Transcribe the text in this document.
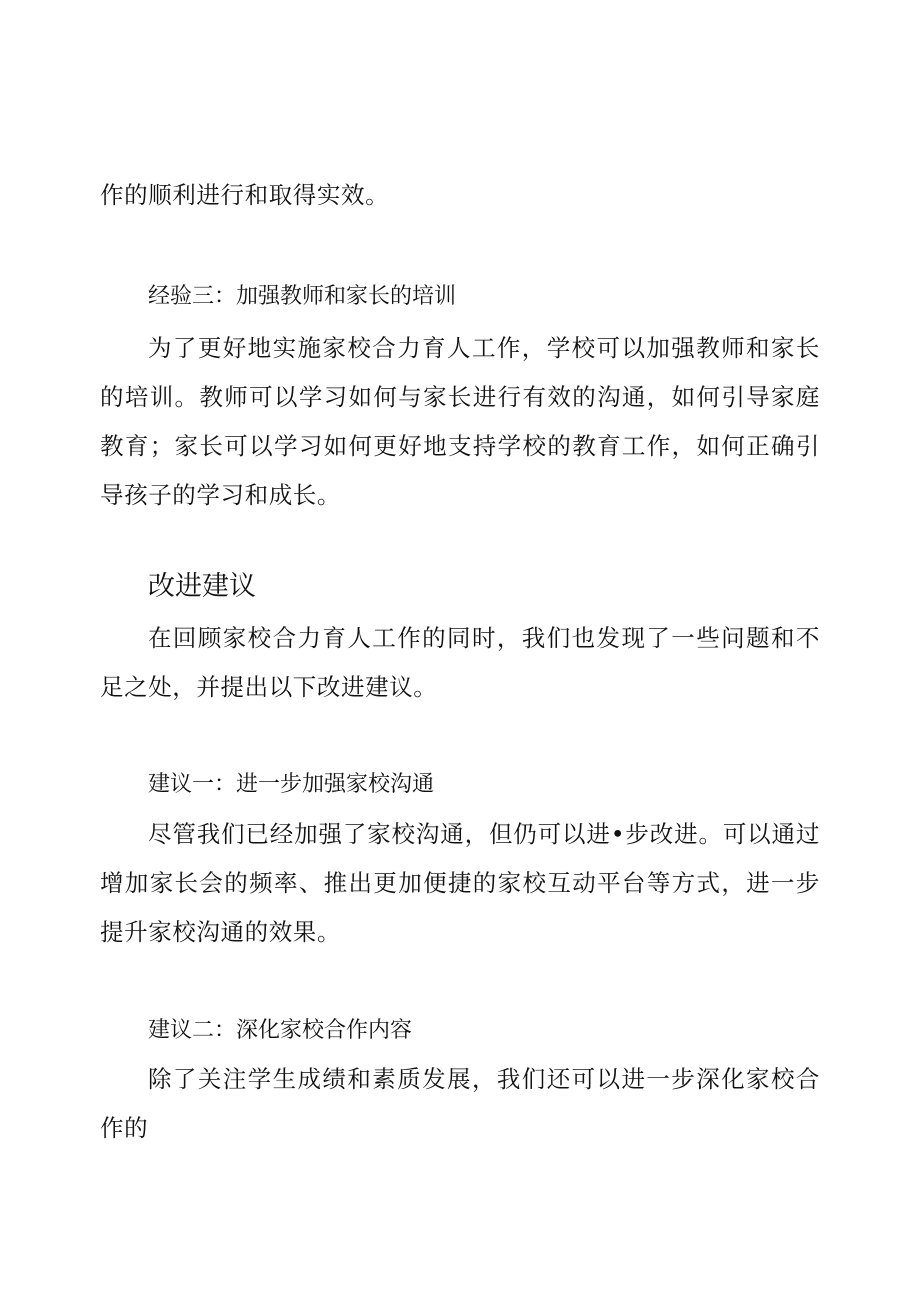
作的顺利进行和取得实效。

经验三：加强教师和家长的培训

为了更好地实施家校合力育人工作，学校可以加强教师和家长的培训。教师可以学习如何与家长进行有效的沟通，如何引导家庭教育；家长可以学习如何更好地支持学校的教育工作，如何正确引导孩子的学习和成长。

改进建议

在回顾家校合力育人工作的同时，我们也发现了一些问题和不足之处，并提出以下改进建议。

建议一：进一步加强家校沟通

尽管我们已经加强了家校沟通，但仍可以进•步改进。可以通过增加家长会的频率、推出更加便捷的家校互动平台等方式，进一步提升家校沟通的效果。

建议二：深化家校合作内容

除了关注学生成绩和素质发展，我们还可以进一步深化家校合作的
